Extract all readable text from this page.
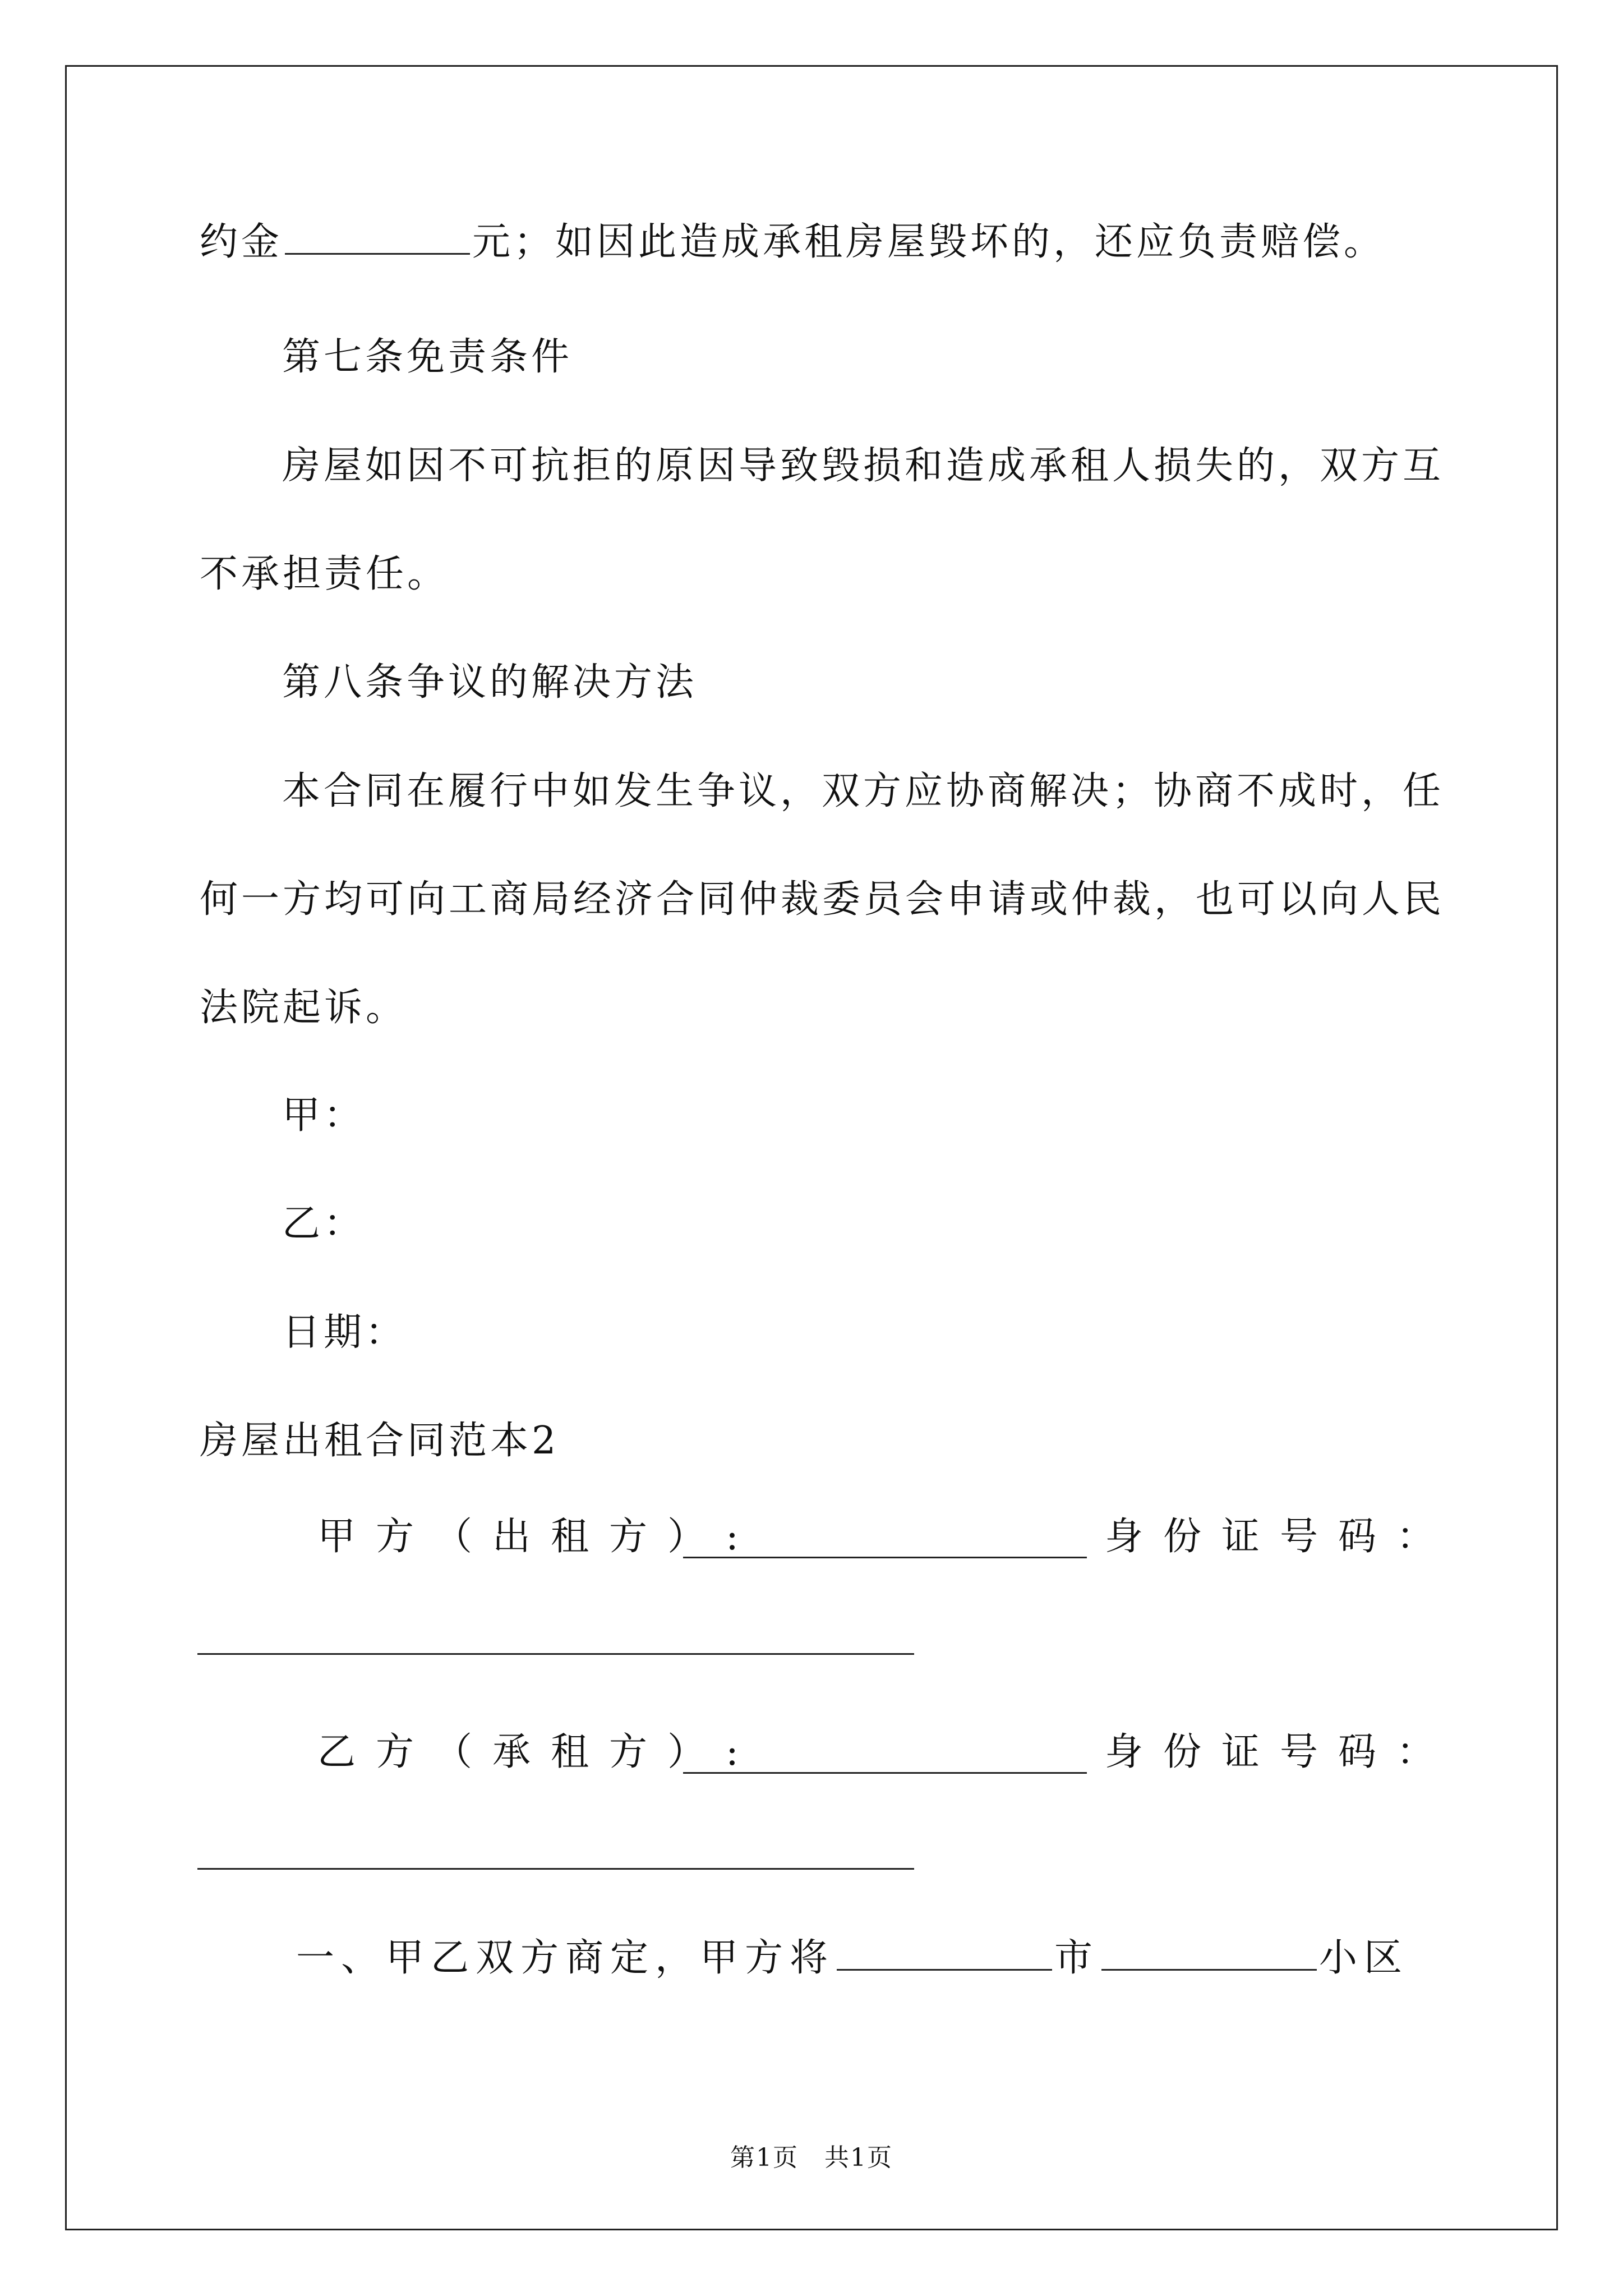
约金	元；如因此造成承租房屋毁坏的，还应负责赔偿。
第七条免责条件
房屋如因不可抗拒的原因导致毁损和造成承租人损失的，双方互
不承担责任。
第八条争议的解决方法
本合同在履行中如发生争议，双方应协商解决；协商不成时，任
何一方均可向工商局经济合同仲裁委员会申请或仲裁，也可以向人民
法院起诉。
甲：
乙：
日期：
房屋出租合同范本2
甲方（出租方）:	身份证号码：
乙方（承租方）:	身份证号码：
一、甲乙双方商定，甲方将	市	小区
第1页　共1页
